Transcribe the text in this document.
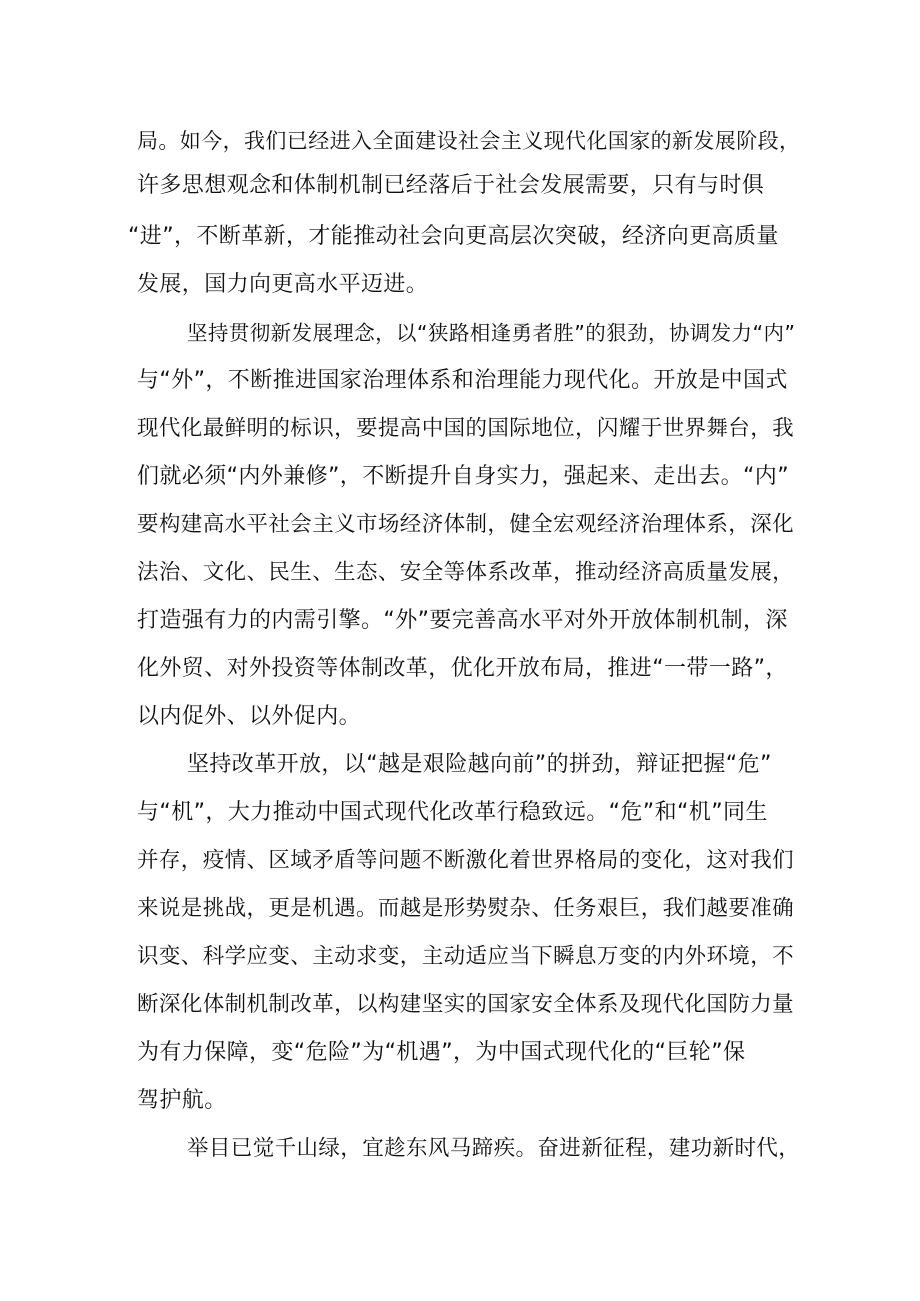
局。如今，我们已经进入全面建设社会主义现代化国家的新发展阶段，
许多思想观念和体制机制已经落后于社会发展需要，只有与时俱
“进”，不断革新，才能推动社会向更高层次突破，经济向更高质量
发展，国力向更高水平迈进。
坚持贯彻新发展理念，以“狭路相逢勇者胜”的狠劲，协调发力“内”
与“外”，不断推进国家治理体系和治理能力现代化。开放是中国式
现代化最鲜明的标识，要提高中国的国际地位，闪耀于世界舞台，我
们就必须“内外兼修”，不断提升自身实力，强起来、走出去。“内”
要构建高水平社会主义市场经济体制，健全宏观经济治理体系，深化
法治、文化、民生、生态、安全等体系改革，推动经济高质量发展，
打造强有力的内需引擎。“外”要完善高水平对外开放体制机制，深
化外贸、对外投资等体制改革，优化开放布局，推进“一带一路”，
以内促外、以外促内。
坚持改革开放，以“越是艰险越向前”的拼劲，辩证把握“危”
与“机”，大力推动中国式现代化改革行稳致远。“危”和“机”同生
并存，疫情、区域矛盾等问题不断激化着世界格局的变化，这对我们
来说是挑战，更是机遇。而越是形势熨杂、任务艰巨，我们越要准确
识变、科学应变、主动求变，主动适应当下瞬息万变的内外环境，不
断深化体制机制改革，以构建坚实的国家安全体系及现代化国防力量
为有力保障，变“危险”为“机遇”，为中国式现代化的“巨轮”保
驾护航。
举目已觉千山绿，宜趁东风马蹄疾。奋进新征程，建功新时代，
